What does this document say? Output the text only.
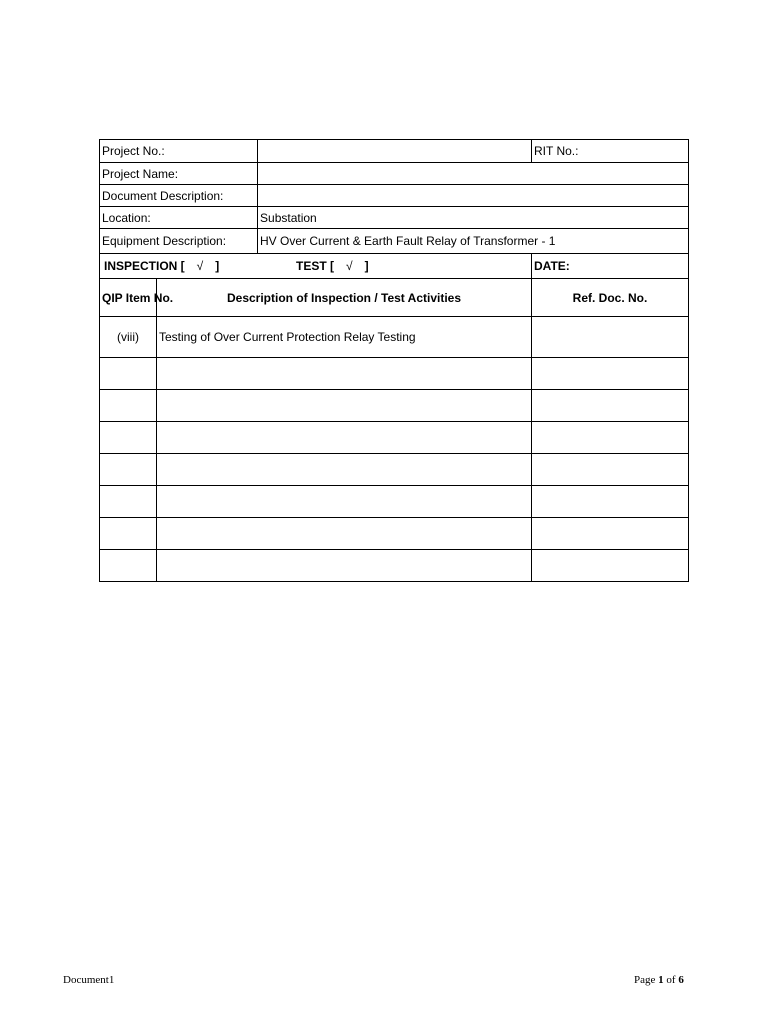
Project No.:			RIT No.:
Project Name:			
Document Description:			
Location:		Substation	
Equipment Description:		HV Over Current & Earth Fault Relay of Transformer - 1	
INSPECTION [ √ ] TEST [ √ ]			DATE:
QIP Item No.	Description of Inspection / Test Activities		Ref. Doc. No.
(viii)	Testing of Over Current Protection Relay Testing		

Document1	Page 1 of 6
